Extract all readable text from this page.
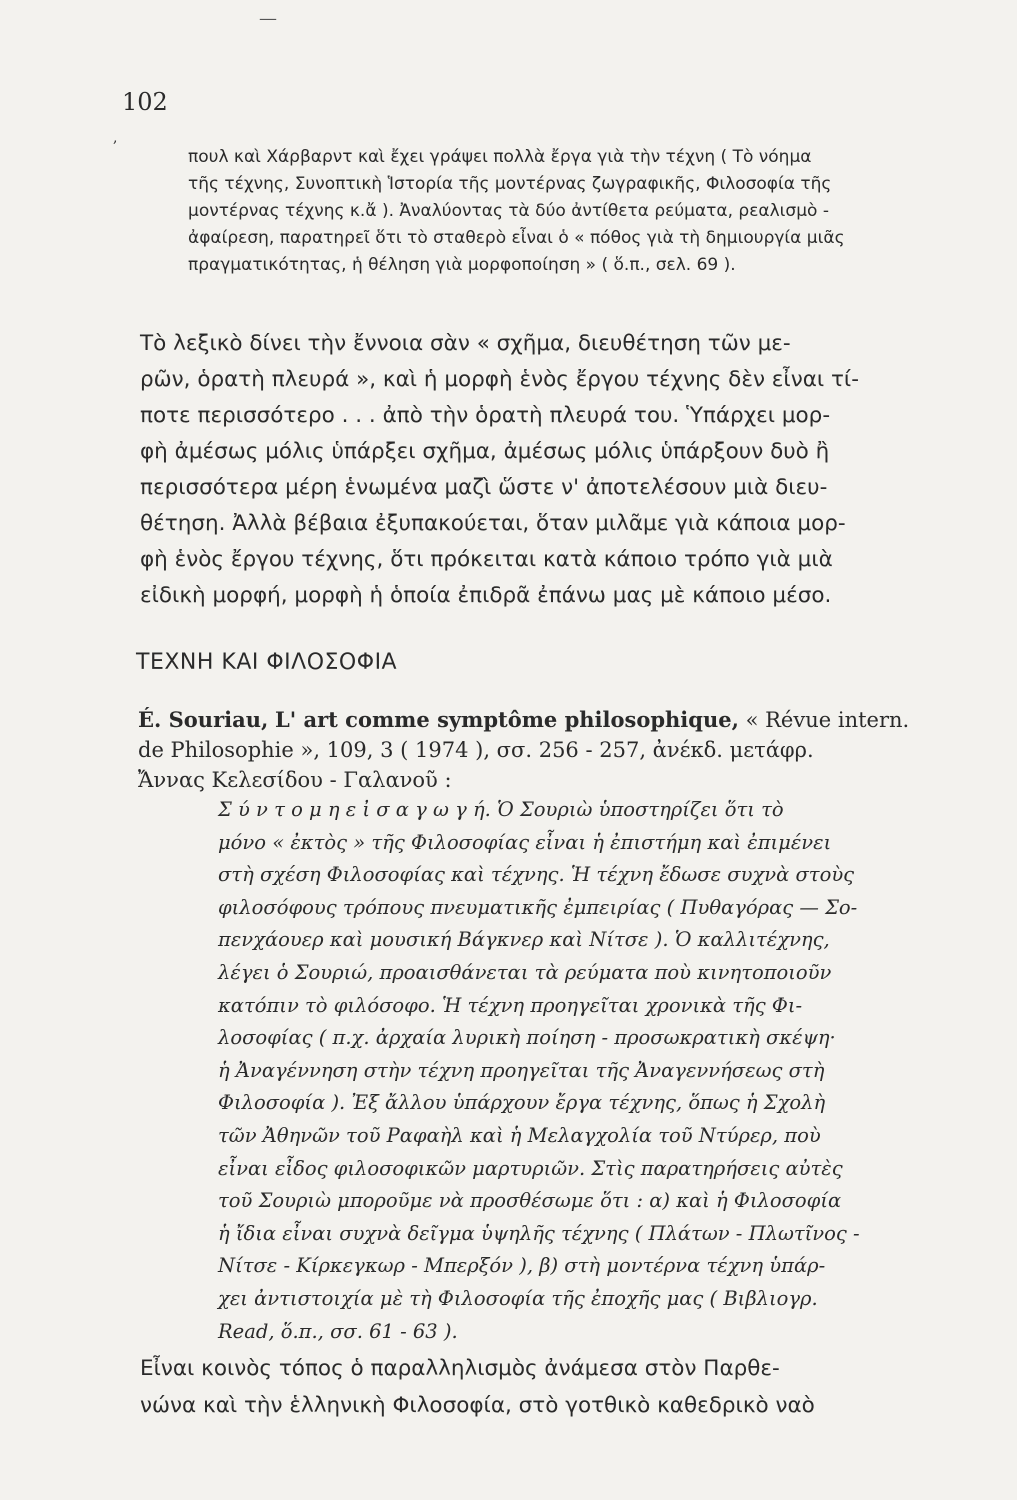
—
102
,
πουλ καὶ Χάρβαρντ καὶ ἔχει γράψει πολλὰ ἔργα γιὰ τὴν τέχνη ( Τὸ νόημα
τῆς τέχνης, Συνοπτικὴ Ἱστορία τῆς μοντέρνας ζωγραφικῆς, Φιλοσοφία τῆς
μοντέρνας τέχνης κ.ἄ ). Ἀναλύοντας τὰ δύο ἀντίθετα ρεύματα, ρεαλισμὸ -
ἀφαίρεση, παρατηρεῖ ὅτι τὸ σταθερὸ εἶναι ὁ « πόθος γιὰ τὴ δημιουργία μιᾶς
πραγματικότητας, ἡ θέληση γιὰ μορφοποίηση » ( ὅ.π., σελ. 69 ).
Τὸ λεξικὸ δίνει τὴν ἔννοια σὰν « σχῆμα, διευθέτηση τῶν με-
ρῶν, ὁρατὴ πλευρά », καὶ ἡ μορφὴ ἑνὸς ἔργου τέχνης δὲν εἶναι τί-
ποτε περισσότερο . . . ἀπὸ τὴν ὁρατὴ πλευρά του. Ὑπάρχει μορ-
φὴ ἀμέσως μόλις ὑπάρξει σχῆμα, ἀμέσως μόλις ὑπάρξουν δυὸ ἢ
περισσότερα μέρη ἑνωμένα μαζὶ ὥστε ν' ἀποτελέσουν μιὰ διευ-
θέτηση. Ἀλλὰ βέβαια ἐξυπακούεται, ὅταν μιλᾶμε γιὰ κάποια μορ-
φὴ ἑνὸς ἔργου τέχνης, ὅτι πρόκειται κατὰ κάποιο τρόπο γιὰ μιὰ
εἰδικὴ μορφή, μορφὴ ἡ ὁποία ἐπιδρᾶ ἐπάνω μας μὲ κάποιο μέσο.
ΤΕΧΝΗ ΚΑΙ ΦΙΛΟΣΟΦΙΑ
É. Souriau, L' art comme symptôme philosophique, « Révue intern.
de Philosophie », 109, 3 ( 1974 ), σσ. 256 - 257, ἀνέκδ. μετάφρ.
Ἄννας Κελεσίδου - Γαλανοῦ :
Σ ύ ν τ ο μ η ε ἰ σ α γ ω γ ή. Ὁ Σουριὼ ὑποστηρίζει ὅτι τὸ
μόνο « ἐκτὸς » τῆς Φιλοσοφίας εἶναι ἡ ἐπιστήμη καὶ ἐπιμένει
στὴ σχέση Φιλοσοφίας καὶ τέχνης. Ἡ τέχνη ἔδωσε συχνὰ στοὺς
φιλοσόφους τρόπους πνευματικῆς ἐμπειρίας ( Πυθαγόρας — Σο-
πενχάουερ καὶ μουσική Βάγκνερ καὶ Νίτσε ). Ὁ καλλιτέχνης,
λέγει ὁ Σουριώ, προαισθάνεται τὰ ρεύματα ποὺ κινητοποιοῦν
κατόπιν τὸ φιλόσοφο. Ἡ τέχνη προηγεῖται χρονικὰ τῆς Φι-
λοσοφίας ( π.χ. ἀρχαία λυρικὴ ποίηση - προσωκρατικὴ σκέψη·
ἡ Ἀναγέννηση στὴν τέχνη προηγεῖται τῆς Ἀναγεννήσεως στὴ
Φιλοσοφία ). Ἐξ ἄλλου ὑπάρχουν ἔργα τέχνης, ὅπως ἡ Σχολὴ
τῶν Ἀθηνῶν τοῦ Ραφαὴλ καὶ ἡ Μελαγχολία τοῦ Ντύρερ, ποὺ
εἶναι εἶδος φιλοσοφικῶν μαρτυριῶν. Στὶς παρατηρήσεις αὐτὲς
τοῦ Σουριὼ μποροῦμε νὰ προσθέσωμε ὅτι : α) καὶ ἡ Φιλοσοφία
ἡ ἴδια εἶναι συχνὰ δεῖγμα ὑψηλῆς τέχνης ( Πλάτων - Πλωτῖνος -
Νίτσε - Κίρκεγκωρ - Μπερξόν ), β) στὴ μοντέρνα τέχνη ὑπάρ-
χει ἀντιστοιχία μὲ τὴ Φιλοσοφία τῆς ἐποχῆς μας ( Βιβλιογρ.
Read, ὅ.π., σσ. 61 - 63 ).
Εἶναι κοινὸς τόπος ὁ παραλληλισμὸς ἀνάμεσα στὸν Παρθε-
νώνα καὶ τὴν ἑλληνικὴ Φιλοσοφία, στὸ γοτθικὸ καθεδρικὸ ναὸ
